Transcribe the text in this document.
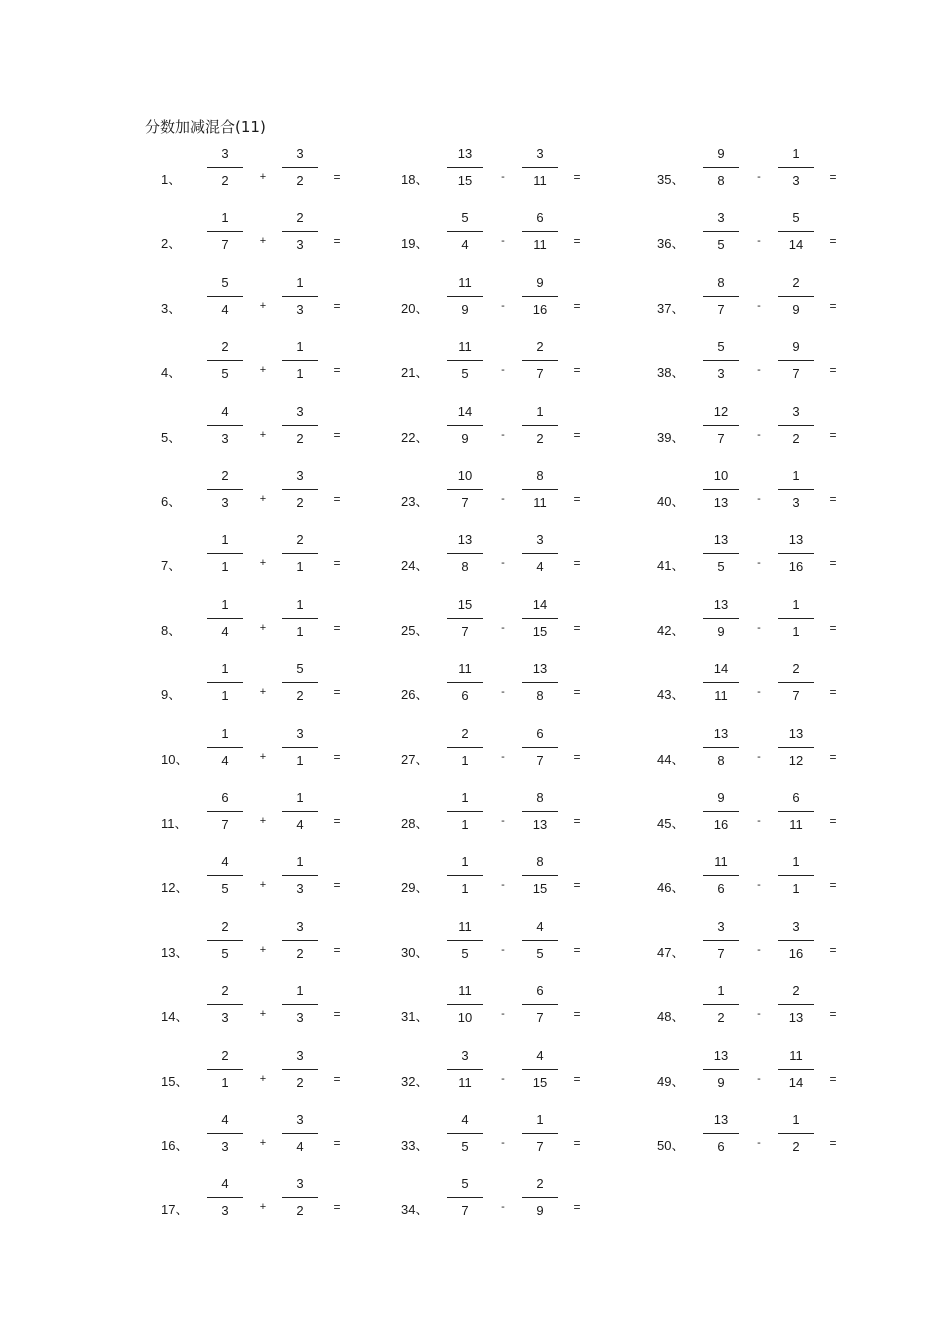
分数加减混合(11)
1、
3
2	+
3
2	=
2、
1
7	+
2
3	=
3、
5
4	+
1
3	=
4、
2
5	+
1
1	=
5、
4
3	+
3
2	=
6、
2
3	+
3
2	=
7、
1
1	+
2
1	=
8、
1
4	+
1
1	=
9、
1
1	+
5
2	=
10、
1
4	+
3
1	=
11、
6
7	+
1
4	=
12、
4
5	+
1
3	=
13、
2
5	+
3
2	=
14、
2
3	+
1
3	=
15、
2
1	+
3
2	=
16、
4
3	+
3
4	=
17、
4
3	+
3
2	=
18、
13
15	-
3
11	=
19、
5
4	-
6
11	=
20、
11
9	-
9
16	=
21、
11
5	-
2
7	=
22、
14
9	-
1
2	=
23、
10
7	-
8
11	=
24、
13
8	-
3
4	=
25、
15
7	-
14
15	=
26、
11
6	-
13
8	=
27、
2
1	-
6
7	=
28、
1
1	-
8
13	=
29、
1
1	-
8
15	=
30、
11
5	-
4
5	=
31、
11
10	-
6
7	=
32、
3
11	-
4
15	=
33、
4
5	-
1
7	=
34、
5
7	-
2
9	=
35、
9
8	-
1
3	=
36、
3
5	-
5
14	=
37、
8
7	-
2
9	=
38、
5
3	-
9
7	=
39、
12
7	-
3
2	=
40、
10
13	-
1
3	=
41、
13
5	-
13
16	=
42、
13
9	-
1
1	=
43、
14
11	-
2
7	=
44、
13
8	-
13
12	=
45、
9
16	-
6
11	=
46、
11
6	-
1
1	=
47、
3
7	-
3
16	=
48、
1
2	-
2
13	=
49、
13
9	-
11
14	=
50、
13
6	-
1
2	=
